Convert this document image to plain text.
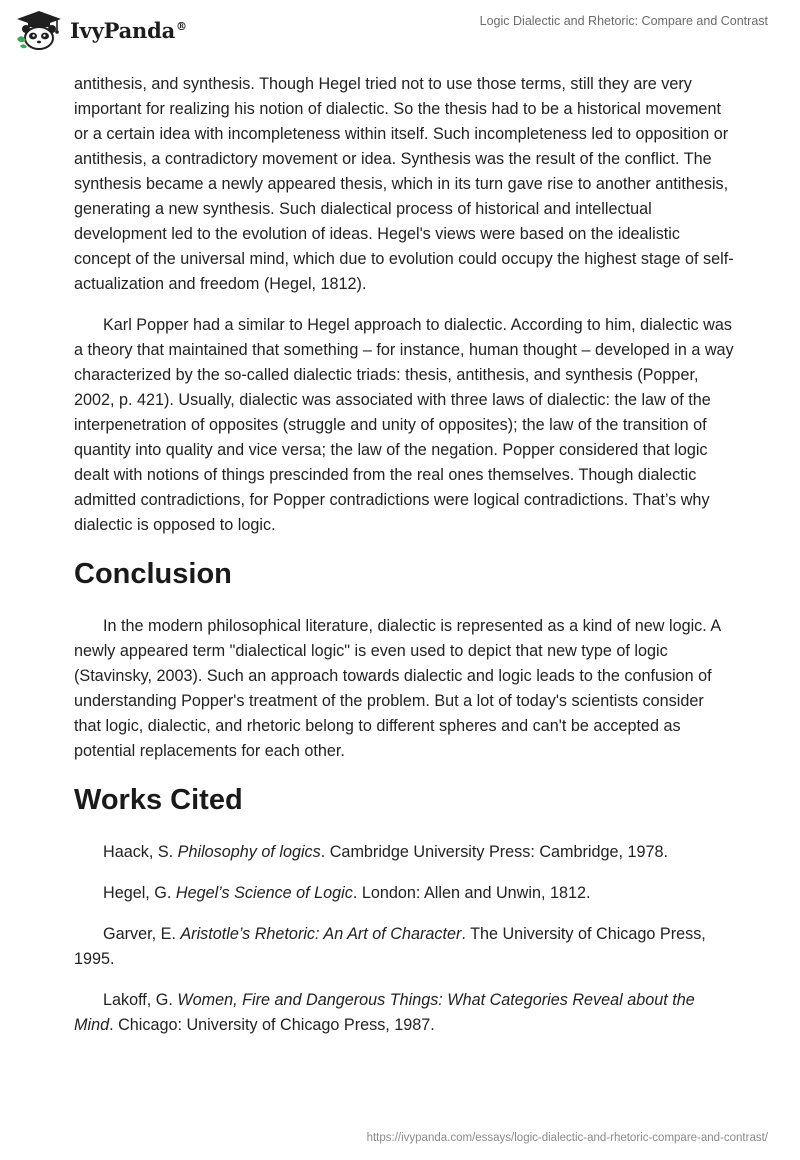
IvyPanda®	Logic Dialectic and Rhetoric: Compare and Contrast

antithesis, and synthesis. Though Hegel tried not to use those terms, still they are very important for realizing his notion of dialectic. So the thesis had to be a historical movement or a certain idea with incompleteness within itself. Such incompleteness led to opposition or antithesis, a contradictory movement or idea. Synthesis was the result of the conflict. The synthesis became a newly appeared thesis, which in its turn gave rise to another antithesis, generating a new synthesis. Such dialectical process of historical and intellectual development led to the evolution of ideas. Hegel's views were based on the idealistic concept of the universal mind, which due to evolution could occupy the highest stage of self-actualization and freedom (Hegel, 1812).

Karl Popper had a similar to Hegel approach to dialectic. According to him, dialectic was a theory that maintained that something – for instance, human thought – developed in a way characterized by the so-called dialectic triads: thesis, antithesis, and synthesis (Popper, 2002, p. 421). Usually, dialectic was associated with three laws of dialectic: the law of the interpenetration of opposites (struggle and unity of opposites); the law of the transition of quantity into quality and vice versa; the law of the negation. Popper considered that logic dealt with notions of things prescinded from the real ones themselves. Though dialectic admitted contradictions, for Popper contradictions were logical contradictions. That’s why dialectic is opposed to logic.

Conclusion

In the modern philosophical literature, dialectic is represented as a kind of new logic. A newly appeared term "dialectical logic" is even used to depict that new type of logic (Stavinsky, 2003). Such an approach towards dialectic and logic leads to the confusion of understanding Popper's treatment of the problem. But a lot of today's scientists consider that logic, dialectic, and rhetoric belong to different spheres and can't be accepted as potential replacements for each other.

Works Cited

Haack, S. Philosophy of logics. Cambridge University Press: Cambridge, 1978.

Hegel, G. Hegel’s Science of Logic. London: Allen and Unwin, 1812.

Garver, E. Aristotle’s Rhetoric: An Art of Character. The University of Chicago Press, 1995.

Lakoff, G. Women, Fire and Dangerous Things: What Categories Reveal about the Mind. Chicago: University of Chicago Press, 1987.

https://ivypanda.com/essays/logic-dialectic-and-rhetoric-compare-and-contrast/
